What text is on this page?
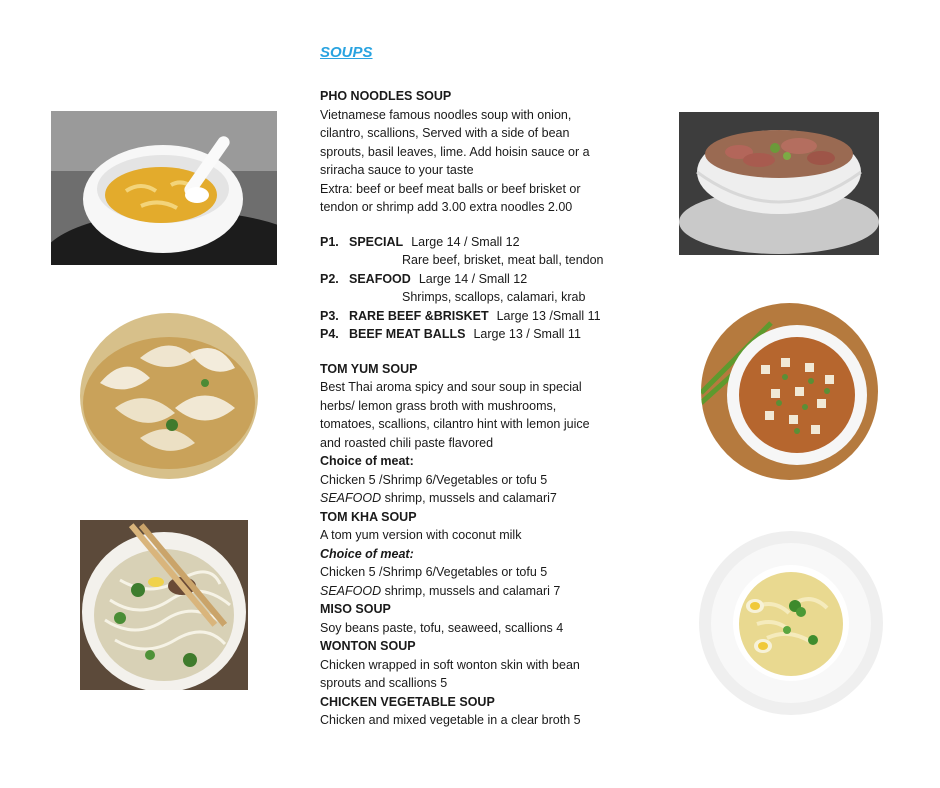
SOUPS
PHO NOODLES SOUP
Vietnamese famous noodles soup with onion,
cilantro, scallions, Served with a side of bean
sprouts, basil leaves, lime. Add hoisin sauce or a
sriracha sauce to your taste
Extra: beef or beef meat balls or beef brisket or
tendon or shrimp add 3.00 extra noodles 2.00
P1. SPECIAL Large 14 / Small 12
Rare beef, brisket, meat ball, tendon
P2. SEAFOOD Large 14 / Small 12
Shrimps, scallops, calamari, krab
P3. RARE BEEF &BRISKET Large 13 /Small 11
P4. BEEF MEAT BALLS Large 13 / Small 11
TOM YUM SOUP
Best Thai aroma spicy and sour soup in special
herbs/ lemon grass broth with mushrooms,
tomatoes, scallions, cilantro hint with lemon juice
and roasted chili paste flavored
Choice of meat:
Chicken 5 /Shrimp 6/Vegetables or tofu 5
SEAFOOD shrimp, mussels and calamari7
TOM KHA SOUP
A tom yum version with coconut milk
Choice of meat:
Chicken 5 /Shrimp 6/Vegetables or tofu 5
SEAFOOD shrimp, mussels and calamari 7
MISO SOUP
Soy beans paste, tofu, seaweed, scallions 4
WONTON SOUP
Chicken wrapped in soft wonton skin with bean
sprouts and scallions 5
CHICKEN VEGETABLE SOUP
Chicken and mixed vegetable in a clear broth 5
